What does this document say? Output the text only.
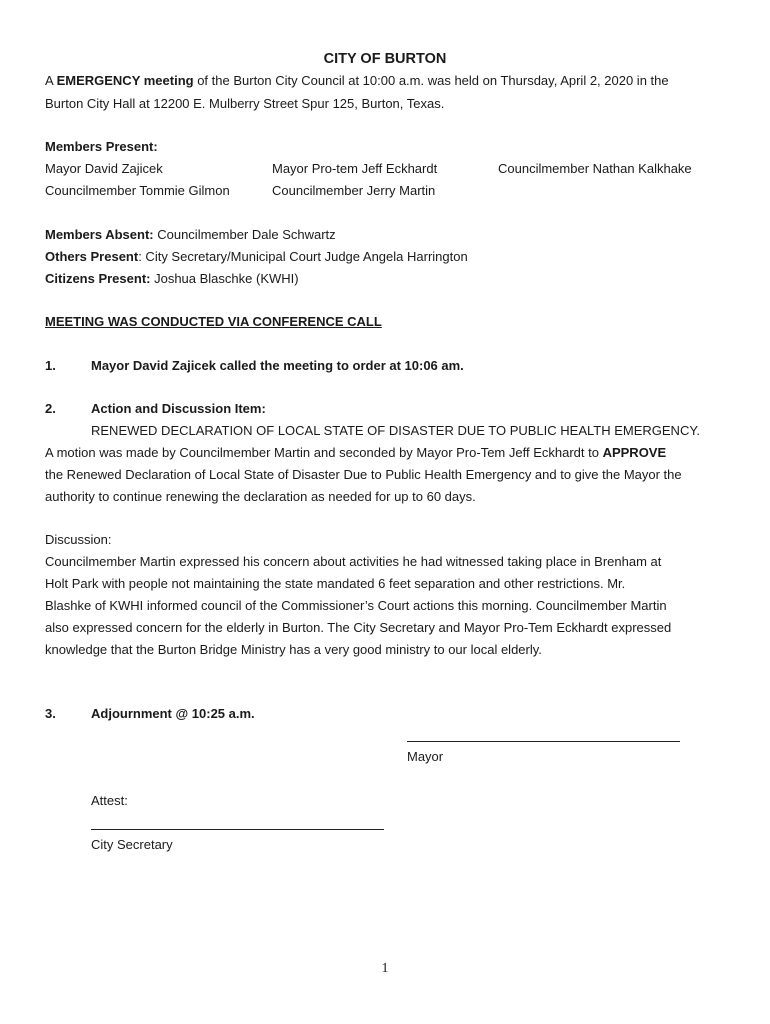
CITY OF BURTON
A EMERGENCY meeting of the Burton City Council at 10:00 a.m. was held on Thursday, April 2, 2020 in the
Burton City Hall at 12200 E. Mulberry Street Spur 125, Burton, Texas.
Members Present:
Mayor David Zajicek	Mayor Pro-tem Jeff Eckhardt	Councilmember Nathan Kalkhake
Councilmember Tommie Gilmon	Councilmember Jerry Martin
Members Absent: Councilmember Dale Schwartz
Others Present: City Secretary/Municipal Court Judge Angela Harrington
Citizens Present: Joshua Blaschke (KWHI)
MEETING WAS CONDUCTED VIA CONFERENCE CALL
1.	Mayor David Zajicek called the meeting to order at 10:06 am.
2.	Action and Discussion Item:
RENEWED DECLARATION OF LOCAL STATE OF DISASTER DUE TO PUBLIC HEALTH EMERGENCY.
A motion was made by Councilmember Martin and seconded by Mayor Pro-Tem Jeff Eckhardt to APPROVE
the Renewed Declaration of Local State of Disaster Due to Public Health Emergency and to give the Mayor the
authority to continue renewing the declaration as needed for up to 60 days.
Discussion:
Councilmember Martin expressed his concern about activities he had witnessed taking place in Brenham at
Holt Park with people not maintaining the state mandated 6 feet separation and other restrictions. Mr.
Blashke of KWHI informed council of the Commissioner’s Court actions this morning. Councilmember Martin
also expressed concern for the elderly in Burton. The City Secretary and Mayor Pro-Tem Eckhardt expressed
knowledge that the Burton Bridge Ministry has a very good ministry to our local elderly.
3.	Adjournment @ 10:25 a.m.
Mayor
Attest:
City Secretary
1
